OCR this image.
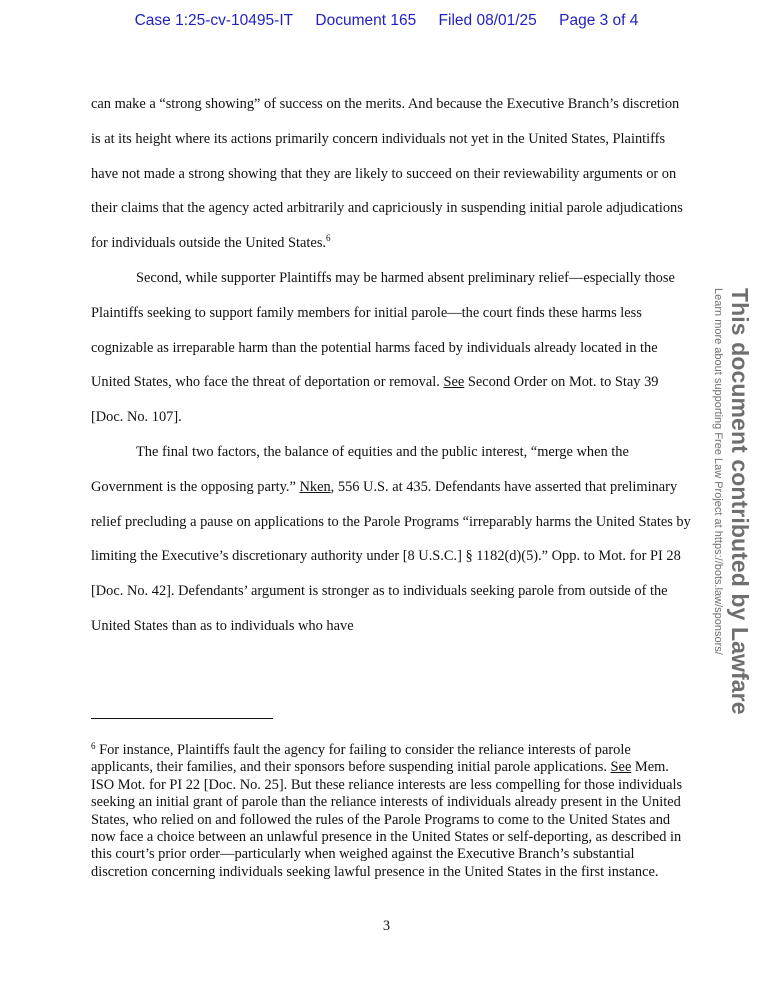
Case 1:25-cv-10495-IT Document 165 Filed 08/01/25 Page 3 of 4

can make a “strong showing” of success on the merits. And because the Executive Branch’s discretion is at its height where its actions primarily concern individuals not yet in the United States, Plaintiffs have not made a strong showing that they are likely to succeed on their reviewability arguments or on their claims that the agency acted arbitrarily and capriciously in suspending initial parole adjudications for individuals outside the United States.$^6$

Second, while supporter Plaintiffs may be harmed absent preliminary relief—especially those Plaintiffs seeking to support family members for initial parole—the court finds these harms less cognizable as irreparable harm than the potential harms faced by individuals already located in the United States, who face the threat of deportation or removal. See Second Order on Mot. to Stay 39 [Doc. No. 107].

The final two factors, the balance of equities and the public interest, “merge when the Government is the opposing party.” Nken, 556 U.S. at 435. Defendants have asserted that preliminary relief precluding a pause on applications to the Parole Programs “irreparably harms the United States by limiting the Executive’s discretionary authority under [8 U.S.C.] § 1182(d)(5).” Opp. to Mot. for PI 28 [Doc. No. 42]. Defendants’ argument is stronger as to individuals seeking parole from outside of the United States than as to individuals who have

$^6$ For instance, Plaintiffs fault the agency for failing to consider the reliance interests of parole applicants, their families, and their sponsors before suspending initial parole applications. See Mem. ISO Mot. for PI 22 [Doc. No. 25]. But these reliance interests are less compelling for those individuals seeking an initial grant of parole than the reliance interests of individuals already present in the United States, who relied on and followed the rules of the Parole Programs to come to the United States and now face a choice between an unlawful presence in the United States or self-deporting, as described in this court’s prior order—particularly when weighed against the Executive Branch’s substantial discretion concerning individuals seeking lawful presence in the United States in the first instance.
3
This document contributed by Lawfare
Learn more about supporting Free Law Project at https://bots.law/sponsors/
